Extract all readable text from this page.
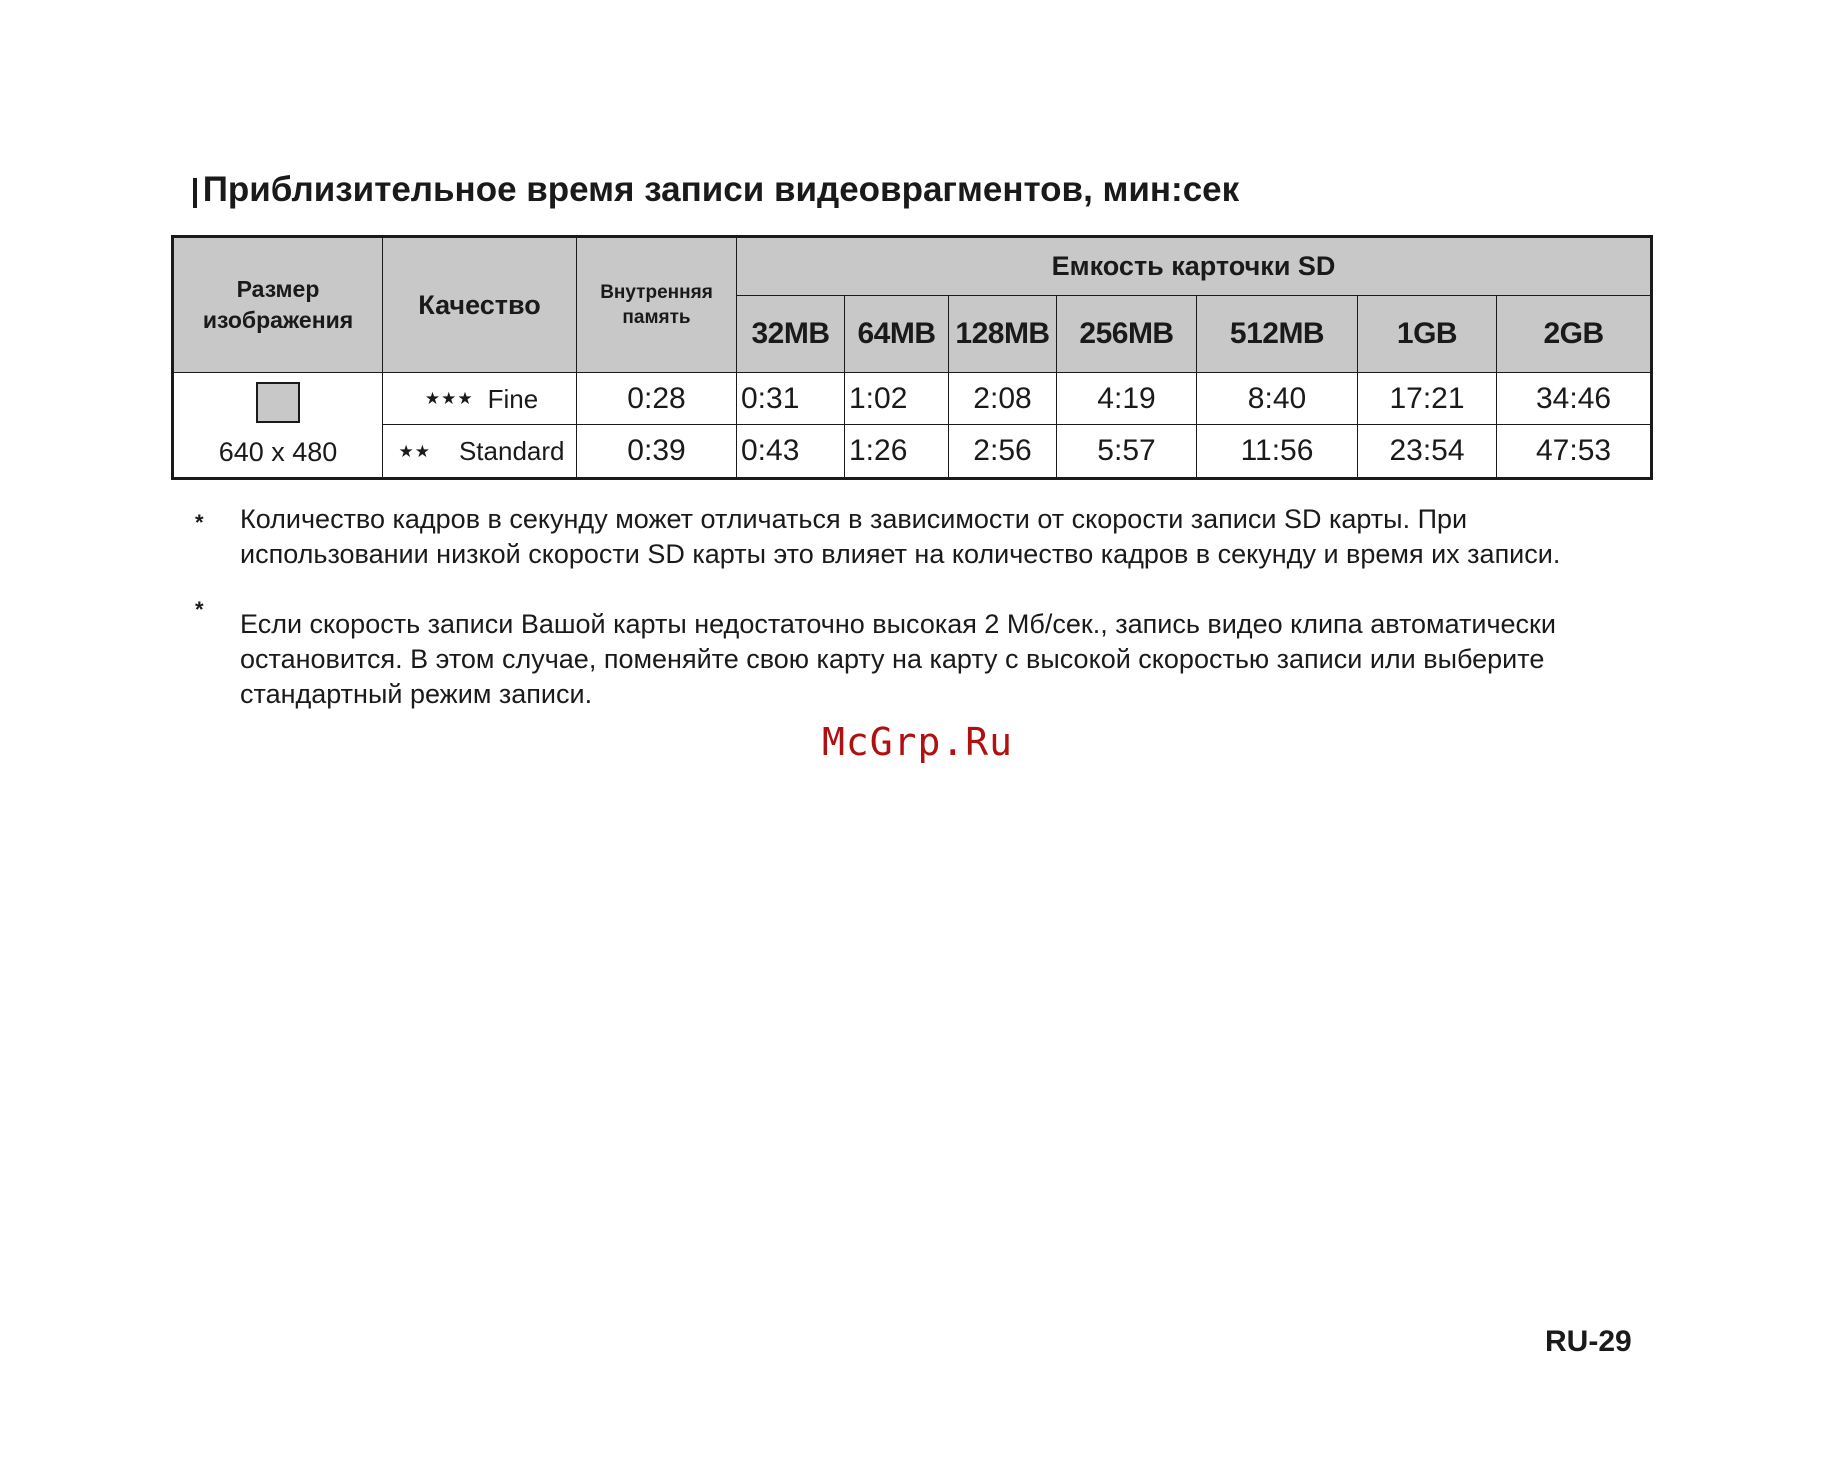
Приблизительное время записи видеоврагментов, мин:сек
Размер изображения	Качество	Внутренняя память	Емкость карточки SD						
			32MB	64MB	128MB	256MB	512MB	1GB	2GB

640 x 480	★★★ Fine	0:28	0:31	1:02	2:08	4:19	8:40	17:21	34:46
	★★ Standard	0:39	0:43	1:26	2:56	5:57	11:56	23:54	47:53
* Количество кадров в секунду может отличаться в зависимости от скорости записи SD карты. При
использовании низкой скорости SD карты это влияет на количество кадров в секунду и время их записи.
* Если скорость записи Вашой карты недостаточно высокая 2 Мб/сек., запись видео клипа автоматически
остановится. В этом случае, поменяйте свою карту на карту с высокой скоростью записи или выберите
стандартный режим записи.
McGrp.Ru
RU-29
